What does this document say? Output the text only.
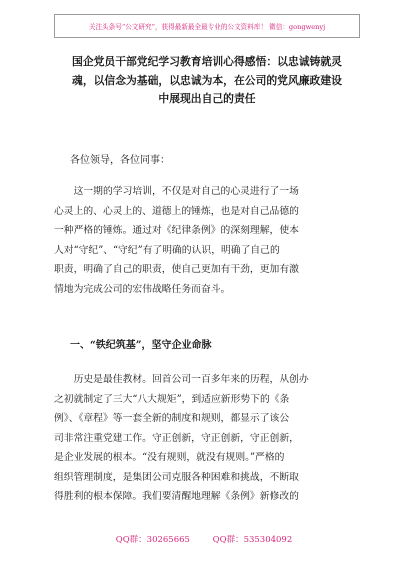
关注头条号“公文研究”，获得最新最全最专业的公文资料库！ 微信：gongwenyj
国企党员干部党纪学习教育培训心得感悟：以忠诚铸就灵
魂，以信念为基础，以忠诚为本，在公司的党风廉政建设
中展现出自己的责任
各位领导，各位同事：
　　这一期的学习培训，不仅是对自己的心灵进行了一场
心灵上的、心灵上的、道德上的锤炼，也是对自己品德的
一种严格的锤炼。通过对《纪律条例》的深刻理解，使本
人对“守纪”、“守纪”有了明确的认识，明确了自己的
职责，明确了自己的职责，使自己更加有干劲，更加有激
情地为完成公司的宏伟战略任务而奋斗。
一、“铁纪筑基”，坚守企业命脉
　　历史是最佳教材。回首公司一百多年来的历程，从创办
之初就制定了三大“八大规矩”，到适应新形势下的《条
例》、《章程》等一套全新的制度和规则，都显示了该公
司非常注重党建工作。守正创新，守正创新，守正创新，
是企业发展的根本。“没有规则，就没有规则。”严格的
组织管理制度，是集团公司克服各种困难和挑战，不断取
得胜利的根本保障。我们要清醒地理解《条例》新修改的
QQ群：30265665	QQ群：535304092
